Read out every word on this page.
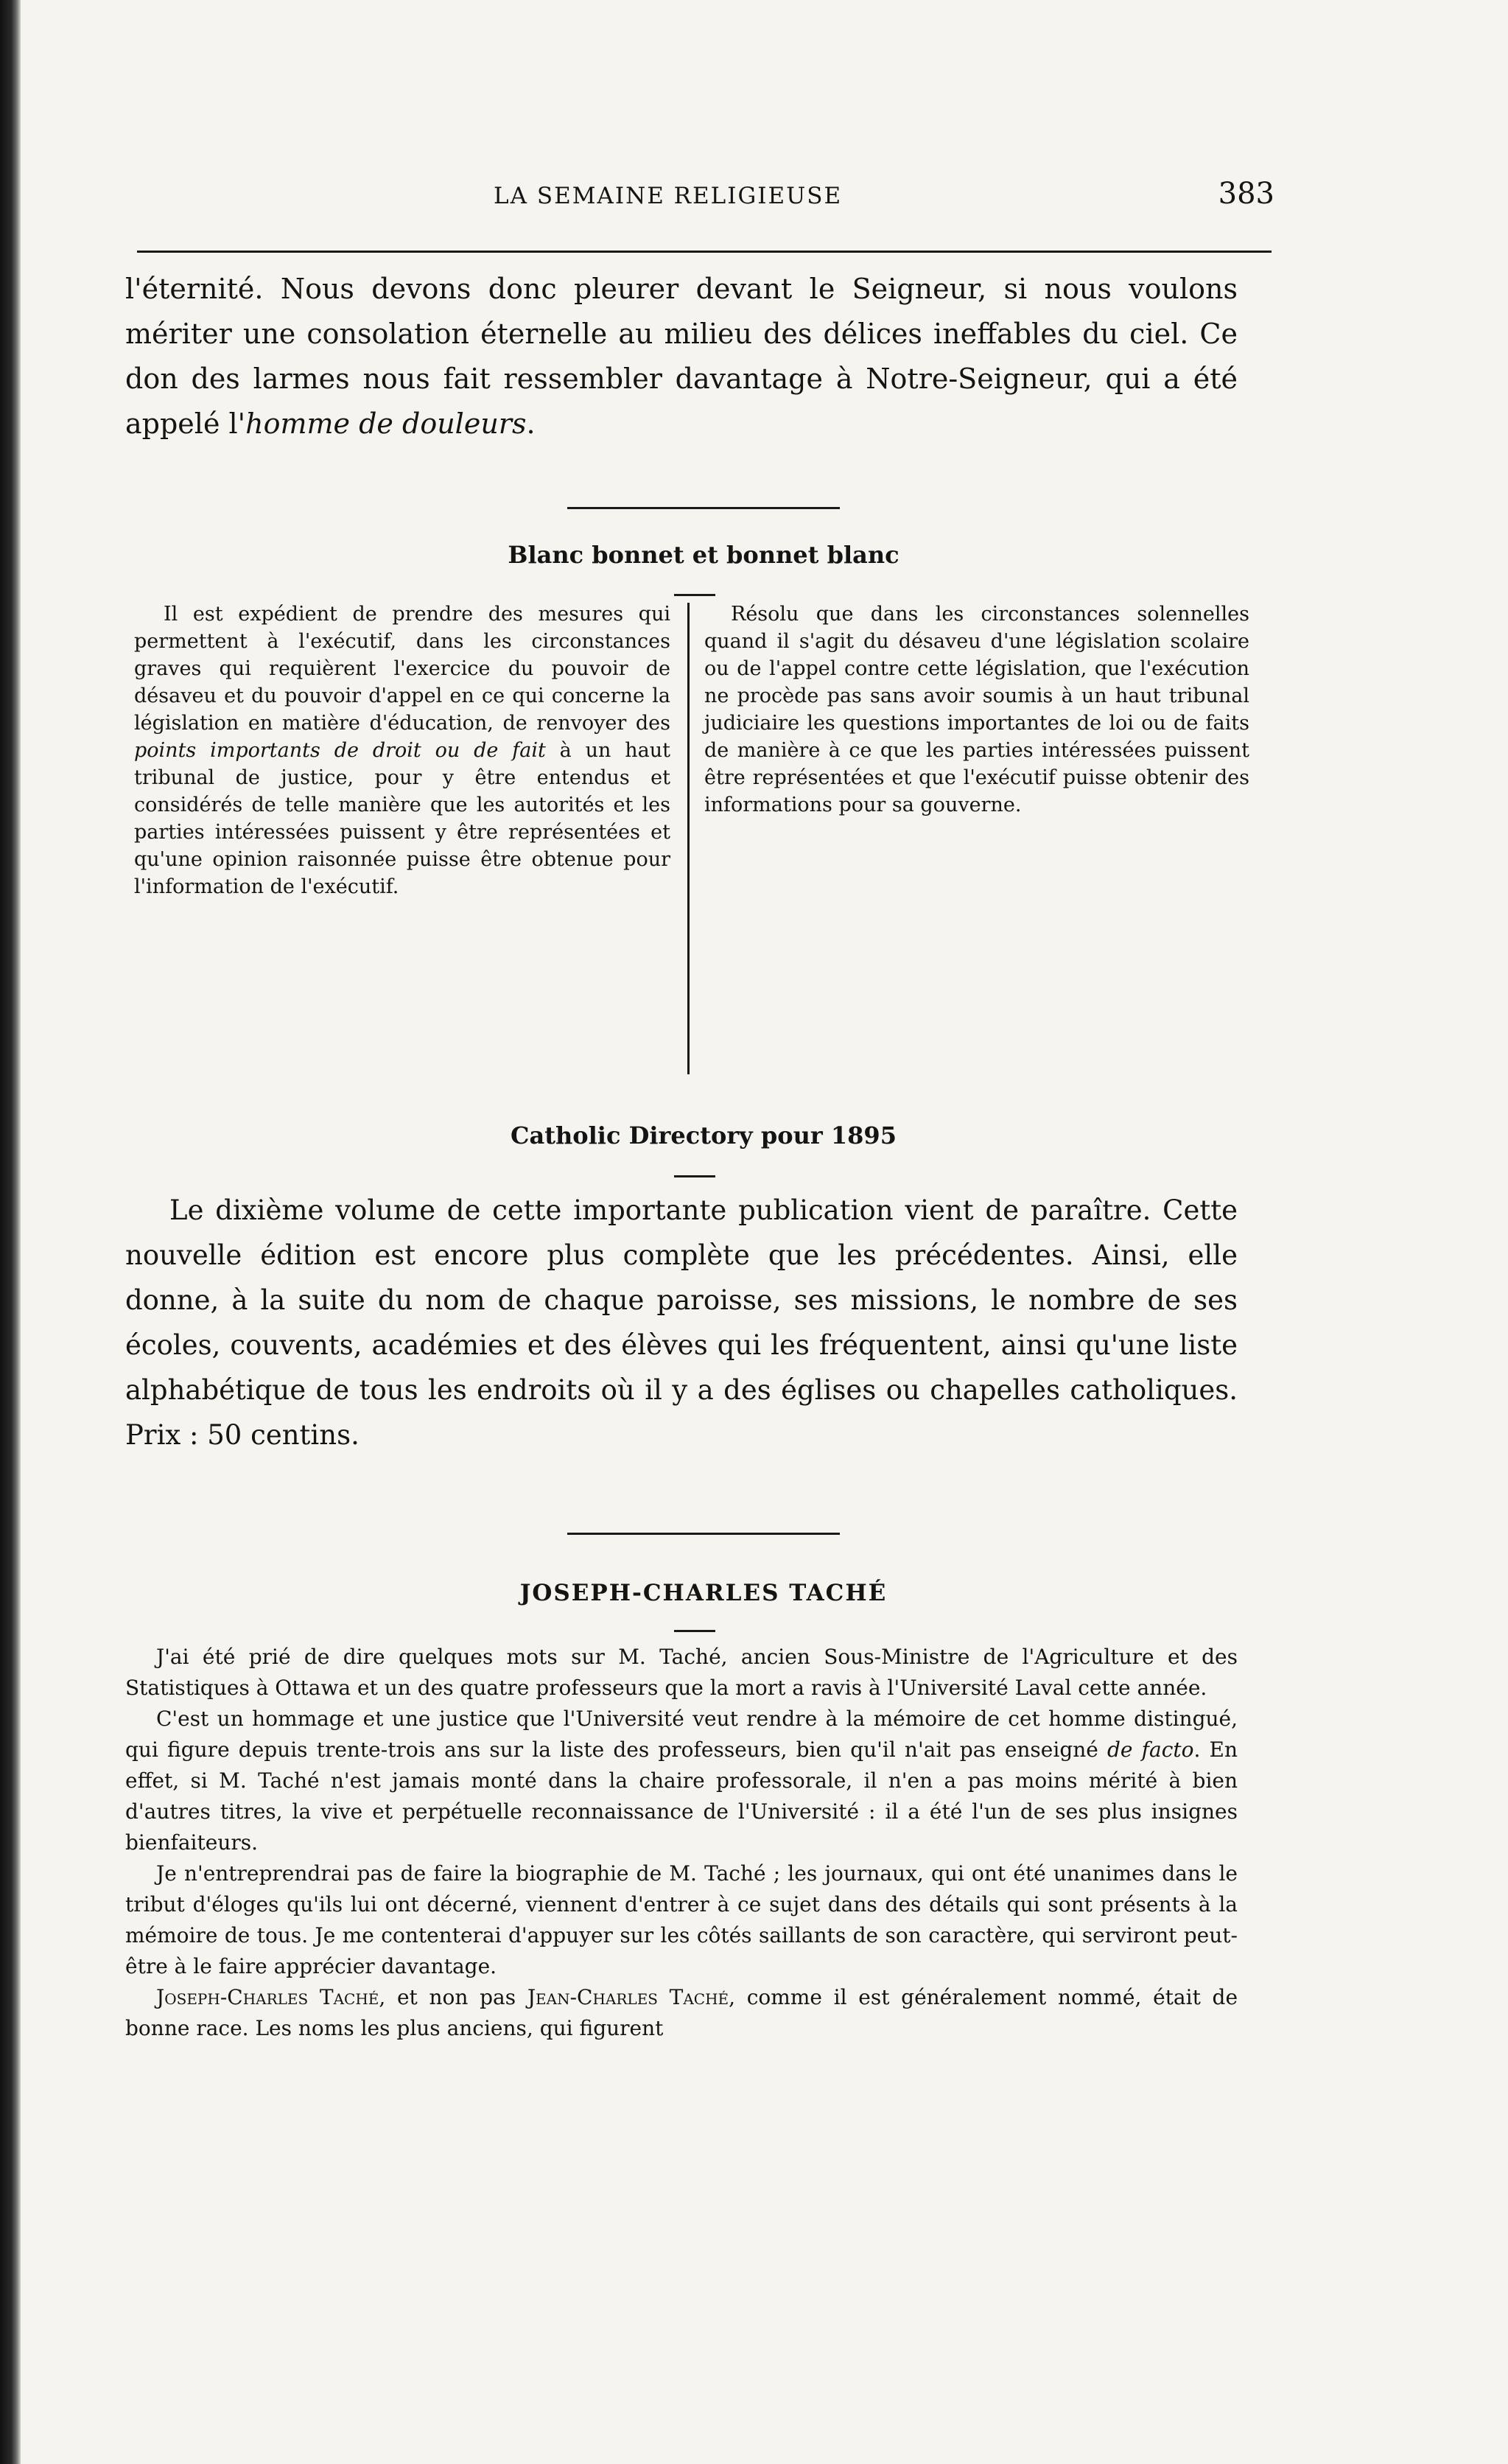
LA SEMAINE RELIGIEUSE	383

l'éternité. Nous devons donc pleurer devant le Seigneur, si nous voulons mériter une consolation éternelle au milieu des délices ineffables du ciel. Ce don des larmes nous fait ressembler davantage à Notre-Seigneur, qui a été appelé l'homme de douleurs.

Blanc bonnet et bonnet blanc

Il est expédient de prendre des mesures qui permettent à l'exécutif, dans les circonstances graves qui requièrent l'exercice du pouvoir de désaveu et du pouvoir d'appel en ce qui concerne la législation en matière d'éducation, de renvoyer des points importants de droit ou de fait à un haut tribunal de justice, pour y être entendus et considérés de telle manière que les autorités et les parties intéressées puissent y être représentées et qu'une opinion raisonnée puisse être obtenue pour l'information de l'exécutif.

Résolu que dans les circonstances solennelles quand il s'agit du désaveu d'une législation scolaire ou de l'appel contre cette législation, que l'exécution ne procède pas sans avoir soumis à un haut tribunal judiciaire les questions importantes de loi ou de faits de manière à ce que les parties intéressées puissent être représentées et que l'exécutif puisse obtenir des informations pour sa gouverne.

Catholic Directory pour 1895

Le dixième volume de cette importante publication vient de paraître. Cette nouvelle édition est encore plus complète que les précédentes. Ainsi, elle donne, à la suite du nom de chaque paroisse, ses missions, le nombre de ses écoles, couvents, académies et des élèves qui les fréquentent, ainsi qu'une liste alphabétique de tous les endroits où il y a des églises ou chapelles catholiques. Prix : 50 centins.

JOSEPH-CHARLES TACHÉ

J'ai été prié de dire quelques mots sur M. Taché, ancien Sous-Ministre de l'Agriculture et des Statistiques à Ottawa et un des quatre professeurs que la mort a ravis à l'Université Laval cette année.

C'est un hommage et une justice que l'Université veut rendre à la mémoire de cet homme distingué, qui figure depuis trente-trois ans sur la liste des professeurs, bien qu'il n'ait pas enseigné de facto. En effet, si M. Taché n'est jamais monté dans la chaire professorale, il n'en a pas moins mérité à bien d'autres titres, la vive et perpétuelle reconnaissance de l'Université : il a été l'un de ses plus insignes bienfaiteurs.

Je n'entreprendrai pas de faire la biographie de M. Taché ; les journaux, qui ont été unanimes dans le tribut d'éloges qu'ils lui ont décerné, viennent d'entrer à ce sujet dans des détails qui sont présents à la mémoire de tous. Je me contenterai d'appuyer sur les côtés saillants de son caractère, qui serviront peut-être à le faire apprécier davantage.

Joseph-Charles Taché, et non pas Jean-Charles Taché, comme il est généralement nommé, était de bonne race. Les noms les plus anciens, qui figurent
